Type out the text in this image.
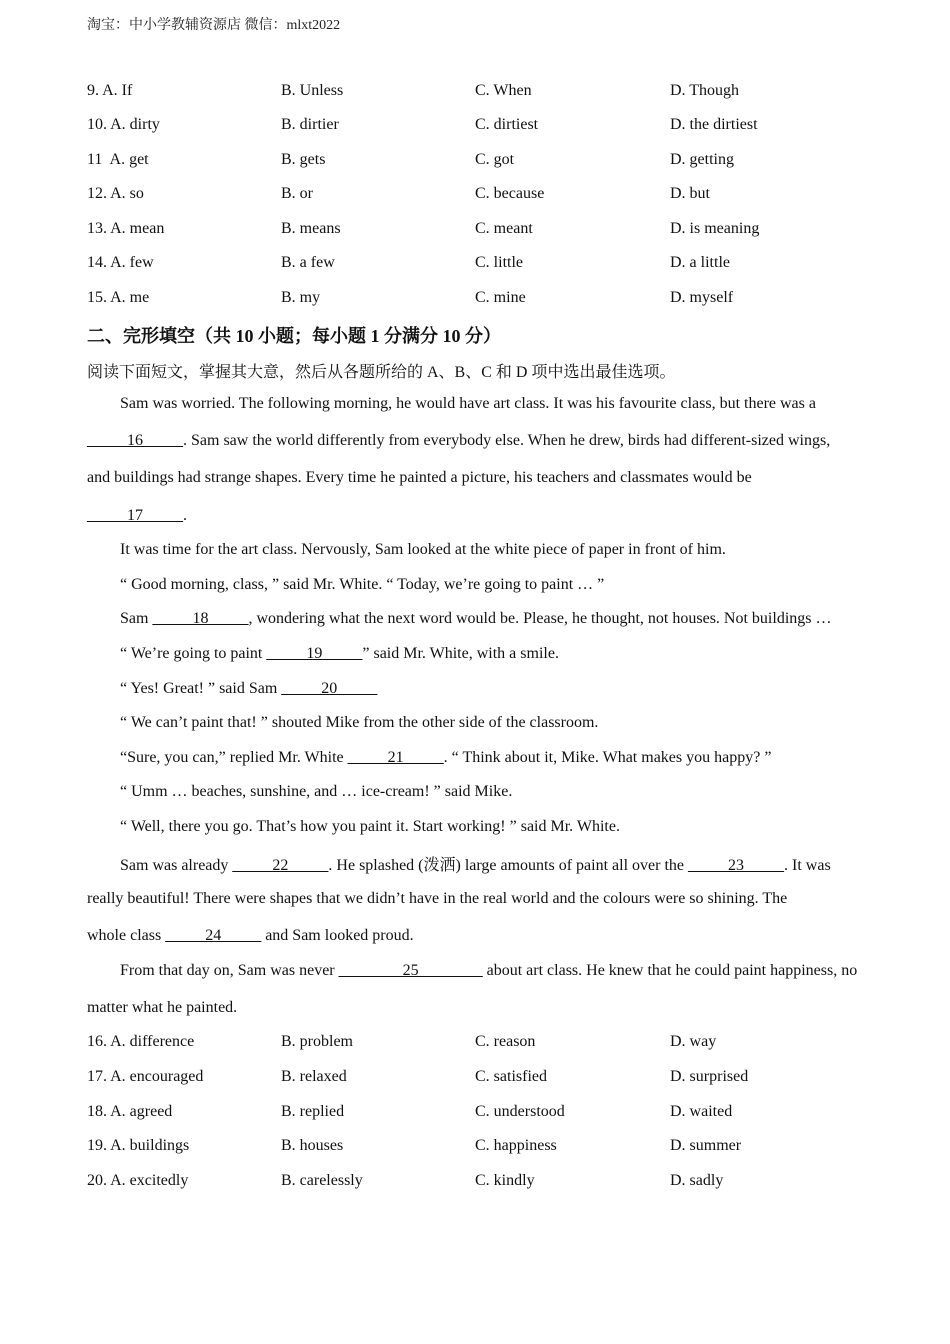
淘宝：中小学教辅资源店 微信：mlxt2022
9. A. If	B. Unless	C. When	D. Though
10. A. dirty	B. dirtier	C. dirtiest	D. the dirtiest
11  A. get	B. gets	C. got	D. getting
12. A. so	B. or	C. because	D. but
13. A. mean	B. means	C. meant	D. is meaning
14. A. few	B. a few	C. little	D. a little
15. A. me	B. my	C. mine	D. myself
二、完形填空（共 10 小题；每小题 1 分满分 10 分）
阅读下面短文，掌握其大意，然后从各题所给的 A、B、C 和 D 项中选出最佳选项。
Sam was worried. The following morning, he would have art class. It was his favourite class, but there was a
_____16_____. Sam saw the world differently from everybody else. When he drew, birds had different-sized wings,
and buildings had strange shapes. Every time he painted a picture, his teachers and classmates would be
_____17_____.
It was time for the art class. Nervously, Sam looked at the white piece of paper in front of him.
“ Good morning, class, ” said Mr. White. “ Today, we’re going to paint … ”
Sam _____18_____, wondering what the next word would be. Please, he thought, not houses. Not buildings …
“ We’re going to paint _____19_____” said Mr. White, with a smile.
“ Yes! Great! ” said Sam _____20_____
“ We can’t paint that! ” shouted Mike from the other side of the classroom.
“Sure, you can,” replied Mr. White _____21_____. “ Think about it, Mike. What makes you happy? ”
“ Umm … beaches, sunshine, and … ice-cream! ” said Mike.
“ Well, there you go. That’s how you paint it. Start working! ” said Mr. White.
Sam was already _____22_____. He splashed (泼洒) large amounts of paint all over the _____23_____. It was
really beautiful! There were shapes that we didn’t have in the real world and the colours were so shining. The
whole class _____24_____ and Sam looked proud.
From that day on, Sam was never ________25________ about art class. He knew that he could paint happiness, no
matter what he painted.
16. A. difference	B. problem	C. reason	D. way
17. A. encouraged	B. relaxed	C. satisfied	D. surprised
18. A. agreed	B. replied	C. understood	D. waited
19. A. buildings	B. houses	C. happiness	D. summer
20. A. excitedly	B. carelessly	C. kindly	D. sadly
